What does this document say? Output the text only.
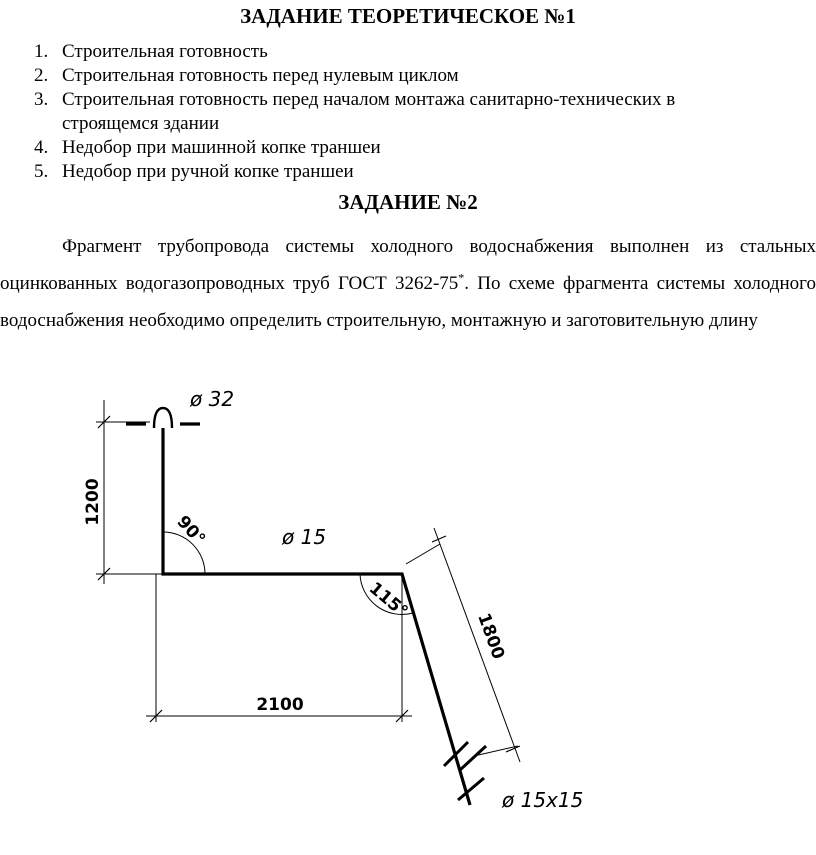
ЗАДАНИЕ ТЕОРЕТИЧЕСКОЕ №1
1. Строительная готовность
2. Строительная готовность перед нулевым циклом
3. Строительная готовность перед началом монтажа санитарно-технических в
строящемся здании
4. Недобор при машинной копке траншеи
5. Недобор при ручной копке траншеи
ЗАДАНИЕ №2

Фрагмент трубопровода системы холодного водоснабжения выполнен из стальных оцинкованных водогазопроводных труб ГОСТ 3262-75*. По схеме фрагмента системы холодного водоснабжения необходимо определить строительную, монтажную и заготовительную длину

ø 32
ø 15
ø 15x15
1200
2100
1800
90°
115°
